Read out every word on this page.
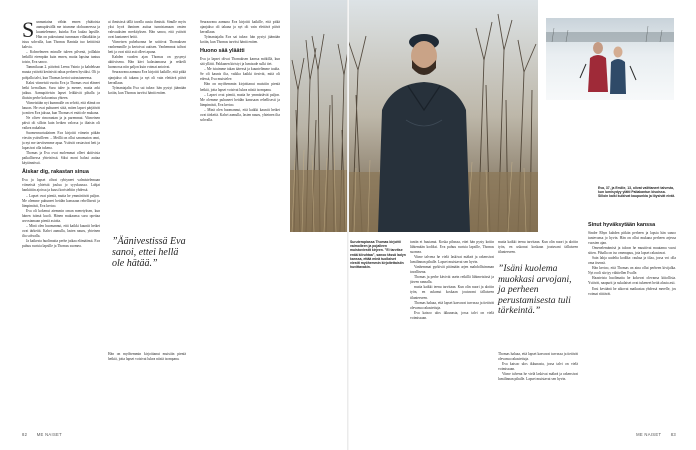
S unnuntaina vähän ennen yhtätoista aamupäivällä me istumme olohuoneessa ja kuuntelemme, kuinka Eva laulaa lapsille. Hän on pukeutunut tummaan villatakkiin ja istuu sohvalla, kun Thomas Rantala tuo keittiöstä kahvia.

– Kolmelmeen minulle tuleen pilvenä, joillakin hetkillä eteenpäin kuin ennen, mutta lapsina tuntuu toisin, Eva sanoo.

Tammikuun 2. päivänä Leena Vainio ja kahdeksan muuta ystävää keräsivät rahaa perheen hyväksi. Oli jo pohjalla talvi, kun Thomas kertoi sairastuneensa.

Kaksi viimeistä vuotta Eva ja Thomas ovat eläneet hetki kerrallaan. Suru tulee ja menee, mutta arki jatkuu. Aamupäivisin lapset leikkivät pihalla ja iltaisin perhe kokoontuu yhteen.

Viimeistään nyt kummalle on selvää, että elämä on hauras. He ovat puhuneet siitä, miten lapset pärjäävät ja miten Eva jaksaa, kun Thomas ei enää ole mukana.

Ne oliver rimorantan ja ja paremmat. Viimeinen päivä oli silloin kuin hetken valossa ja iltaisin oli vaikea nukahtaa.

Suomenruotsalainen Eva kirjoitti viimein pitkän viestin ystävilleen: – Meillä on ollut sanomaton onni, ja nyt me tarvitsemme apua. Ystävät vastasivat heti ja lupasivat olla tukena.

Thomas ja Eva ovat molemmat olleet aktiivisia paikallisessa yhteisössä. Siksi moni halusi auttaa käytännössä.

Äiskar dig, rakastan sinua

Eva ja lapset olivat ryhtyneet valmistelemaan viimeistä yhteistä joulua jo syyskuussa. Lahjat hankittiin ajoissa ja kuusi koristeltiin yhdessä.

– Lapset ovat pieniä, mutta he ymmärtävät paljon. Me olemme puhuneet heidän kanssaan rehellisesti ja lämpimästi, Eva kertoo.

Eva oli kokenut aiemmin oman menetyksen, kun hänen isänsä kuoli. Hänen mukaansa suru opettaa arvostamaan pieniä asioita.

– Minä olen huomannut, että kaikki kauniit hetket ovat tärkeitä. Kahvi aamulla, lasten nauru, yhteinen ilta sohvalla.

Ja kaikesta huolimatta perhe jatkaa elämäänsä. Eva puhuu ruotsia lapsille ja Thomas suomea.

ai ihmisissä tällä tavalla uusia ihmisiä. Sinulle myös yksi hyvä ihminen auttaa tunnistamaan omien vahvuuksien merkityksen. Hän sanoo, että ystävät ovat kantaneet heitä.

Viimeisen puheluonna he soittivat Thomaksen vanhemmille ja kertoivat uutisen. Vanhemmat tulivat heti ja ovat siitä asti olleet apuna.

Kahden vuoden ajan Thomas on pysynyt aktiivisena. Hän kävi kalastamassa ja retkeili luonnossa niin paljon kuin voimat antoivat.

Seuraavana aamuna Eva kirjoitti kaikille, että pitkä ajanjakso oli takana ja nyt oli vain elettävä päivä kerrallaan.

Työnantajalta Eva sai tukea: hän pystyi jäämään kotiin, kun Thomas tarvitsi häntä eniten.

”Äänivestissä Eva sanoi, ettei hellä ole hätää.”

Hän on myöhemmin kirjoittanut muistiin pieniä hetkiä, jotta lapset voisivat lukea niistä isompana.

Seuraavana aamuna Eva kirjoitti kaikille, että pitkä ajanjakso oli takana ja nyt oli vain elettävä päivä kerrallaan.

Työnantajalta Eva sai tukea: hän pystyi jäämään kotiin, kun Thomas tarvitsi häntä eniten.

Huono sää yläätti

Eva ja lapset olivat Thomaksen kanssa mökillä, kun sää yllätti. Pakkanen kiristyi ja lumisade sulki tiet.

– Me istuimme takan ääressä ja kuuntelimme tuulta. Se oli kaunis ilta, vaikka kaikki tiesivät, mitä oli edessä, Eva muistelee.

Hän on myöhemmin kirjoittanut muistiin pieniä hetkiä, jotta lapset voisivat lukea niistä isompana.

– Lapset ovat pieniä, mutta he ymmärtävät paljon. Me olemme puhuneet heidän kanssaan rehellisesti ja lämpimästi, Eva kertoo.

– Minä olen huomannut, että kaikki kauniit hetket ovat tärkeitä. Kahvi aamulla, lasten nauru, yhteinen ilta sohvalla.

82 ME NAISET
Suruterapiassa Thomas kirjoitti vaimolleen ja pojalleen muistoviestit kirjeen. ”Ei tarvitse enää kiiruhtaa”, sanoo tässä ladyn kanssa, ettää minä tuollaiset viestit myöhemmin kirjoitettaisiin huvittavakin.

tuntin ei huutanut. Koska pihassa, ettei hän pysty kotiin lähtemään kodiksi. Eva puhuu ruotsia lapsille, Thomas suomea.

Viime talvena he vielä laskivat mäkeä ja rakensivat lumilinnan pihalle. Lapset muistavat sen hyvin.

Vanhemmat pyrkivät pitämään arjen mahdollisimman tavallisena.

Thomas ja perhe kävivät usein retkillä lähimetsässä ja järven rannalla.

mutta kaikki teenu tarvitaan. Kun olin nuori ja aloitin työn, en uskonut koskaan joutuvani tällaiseen tilanteeseen.

Thomas haluaa, että lapset kasvavat turvassa ja tietävät olevansa rakastettuja.

Eva katsoo ulos ikkunasta, jossa talvi on vielä voimissaan.

mutta kaikki teenu tarvitaan. Kun olin nuori ja aloitin työn, en uskonut koskaan joutuvani tällaiseen tilanteeseen.

”Isäni kuolema muokkasi arvojani, ja perheen perustamisesta tuli tärkeintä.”

Thomas haluaa, että lapset kasvavat turvassa ja tietävät olevansa rakastettuja.

Eva katsoo ulos ikkunasta, jossa talvi on vielä voimissaan.

Viime talvena he vielä laskivat mäkeä ja rakensivat lumilinnan pihalle. Lapset muistavat sen hyvin.

Eva, 37, ja Emilie, 13, olivat valittaneet talvesta, kun lumisydyy ylätti Paliakantun kisoissa. Silloin kaiki kulkivat kaupunkia ja löysivät eivät.
Sinut hyväksytään kanssa

Sindre Rhyn kahden pitkän perheen ja lapsia hän sanoo tuntevansa jo hyvin. Hän on ollut mukana perheen arjessa vuosien ajan.

Omenelemämisä ja taloon he muuttivat muutama vuosi sitten. Pihalla on iso omenapuu, jota lapset rakastavat.

Sain lahja uudelta kodilta: rauhaa ja tilaa, jossa voi olla oma itsensä.

Hän kertoo, että Thomas on aina ollut perheen kivijalka. Nyt rooli siirtyy vähitellen Evalle.

Haasteista huolimatta he kokevat olevansa kiitollisia. Ystävät, naapurit ja sukulaiset ovat tukeneet heitä alusta asti.

Ensi keväänä he aikovat matkustaa yhdessä merelle, jos voimat riittävät.

ME NAISET 83
